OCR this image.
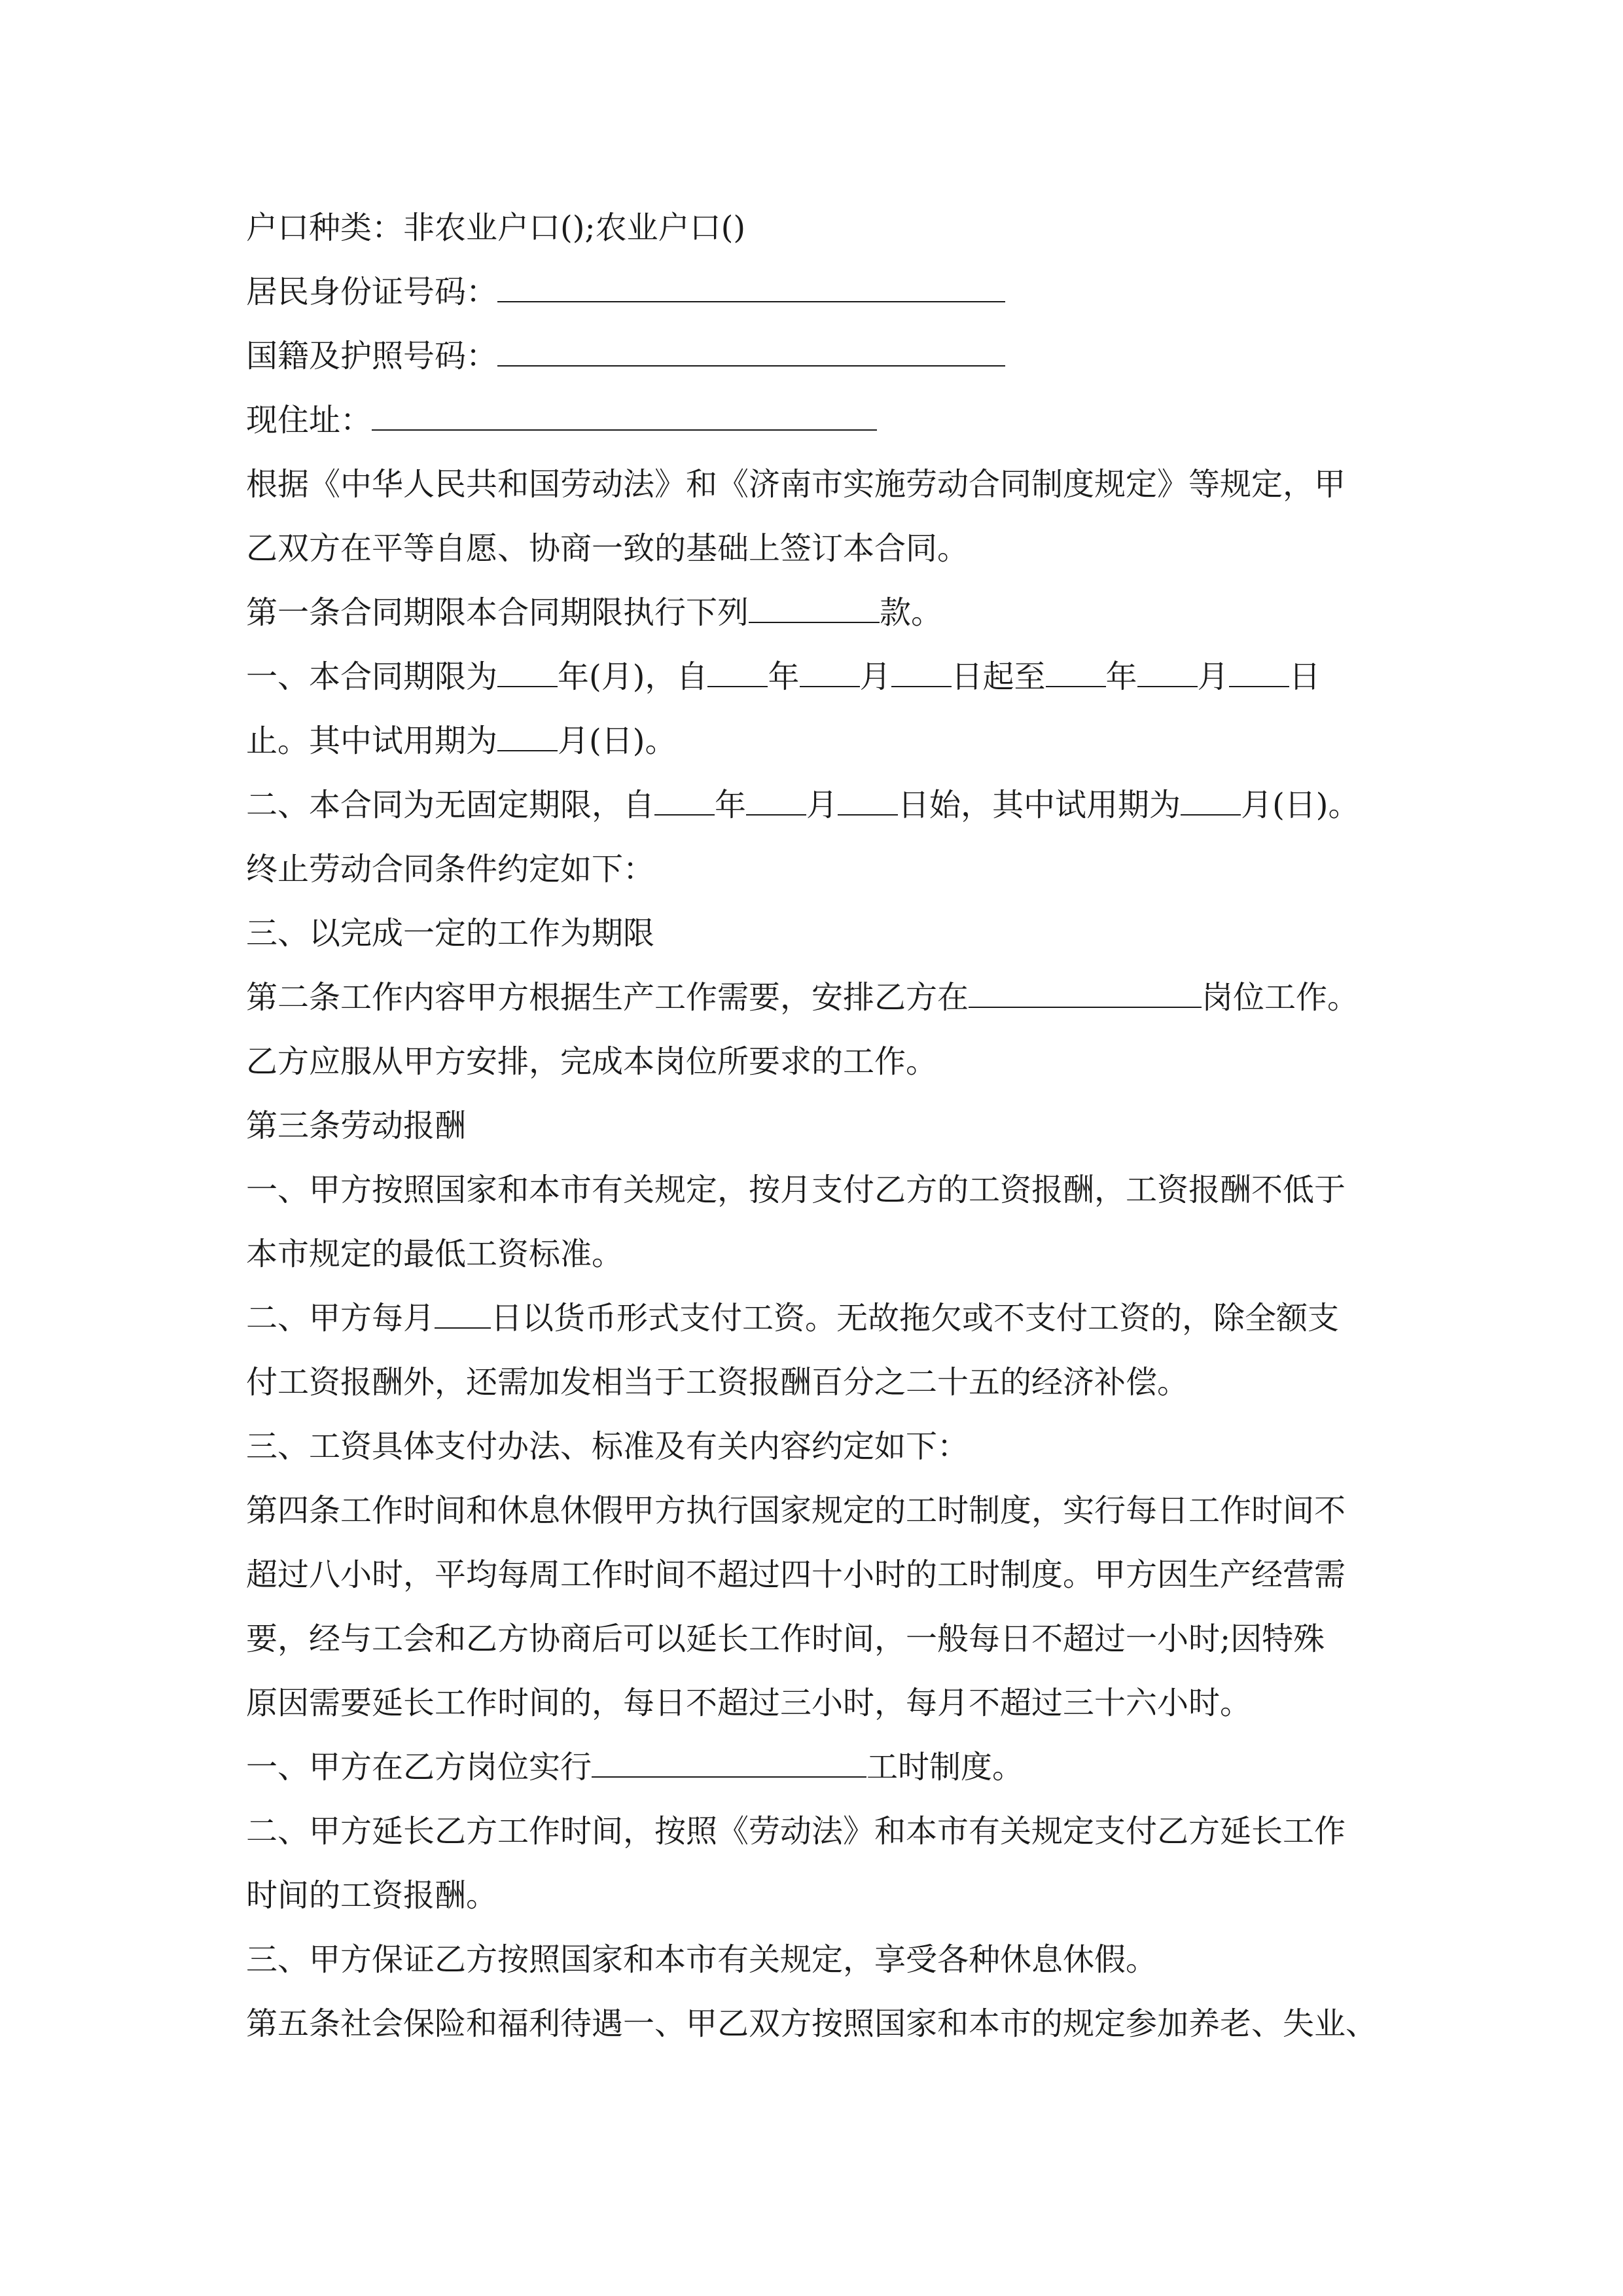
户口种类：非农业户口();农业户口()
居民身份证号码：
国籍及护照号码：
现住址：
根据《中华人民共和国劳动法》和《济南市实施劳动合同制度规定》等规定，甲
乙双方在平等自愿、协商一致的基础上签订本合同。
第一条合同期限本合同期限执行下列	款。
一、本合同期限为 年(月)，自 年 月 日起至 年 月 日
止。其中试用期为 月(日)。
二、本合同为无固定期限，自 年 月 日始，其中试用期为 月(日)。
终止劳动合同条件约定如下：
三、以完成一定的工作为期限
第二条工作内容甲方根据生产工作需要，安排乙方在	岗位工作。
乙方应服从甲方安排，完成本岗位所要求的工作。
第三条劳动报酬
一、甲方按照国家和本市有关规定，按月支付乙方的工资报酬，工资报酬不低于
本市规定的最低工资标准。
二、甲方每月 日以货币形式支付工资。无故拖欠或不支付工资的，除全额支
付工资报酬外，还需加发相当于工资报酬百分之二十五的经济补偿。
三、工资具体支付办法、标准及有关内容约定如下：
第四条工作时间和休息休假甲方执行国家规定的工时制度，实行每日工作时间不
超过八小时，平均每周工作时间不超过四十小时的工时制度。甲方因生产经营需
要，经与工会和乙方协商后可以延长工作时间，一般每日不超过一小时;因特殊
原因需要延长工作时间的，每日不超过三小时，每月不超过三十六小时。
一、甲方在乙方岗位实行	工时制度。
二、甲方延长乙方工作时间，按照《劳动法》和本市有关规定支付乙方延长工作
时间的工资报酬。
三、甲方保证乙方按照国家和本市有关规定，享受各种休息休假。
第五条社会保险和福利待遇一、甲乙双方按照国家和本市的规定参加养老、失业、
